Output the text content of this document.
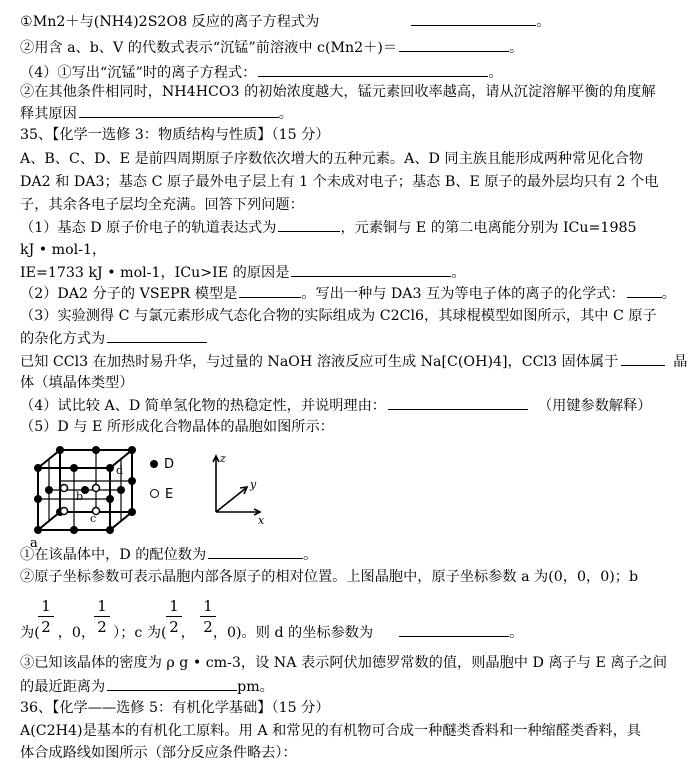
①Mn2＋与(NH4)2S2O8 反应的离子方程式为	。
②用含 a、b、V 的代数式表示“沉锰”前溶液中 c(Mn2＋)＝	。
（4）①写出“沉锰”时的离子方程式：	。
②在其他条件相同时，NH4HCO3 的初始浓度越大，锰元素回收率越高，请从沉淀溶解平衡的角度解
释其原因	。
35、【化学一选修 3：物质结构与性质】（15 分）
A、B、C、D、E 是前四周期原子序数依次增大的五种元素。A、D 同主族且能形成两种常见化合物
DA2 和 DA3；基态 C 原子最外电子层上有 1 个未成对电子；基态 B、E 原子的最外层均只有 2 个电
子，其余各电子层均全充满。回答下列问题：
（1）基态 D 原子价电子的轨道表达式为	，元素铜与 E 的第二电离能分别为 ICu=1985
kJ • mol-1，
IE=1733 kJ • mol-1，ICu>IE 的原因是	。
（2）DA2 分子的 VSEPR 模型是	。写出一种与 DA3 互为等电子体的离子的化学式：	。
（3）实验测得 C 与氯元素形成气态化合物的实际组成为 C2Cl6，其球棍模型如图所示，其中 C 原子
的杂化方式为
已知 CCl3 在加热时易升华，与过量的 NaOH 溶液反应可生成 Na[C(OH)4]，CCl3 固体属于	晶
体（填晶体类型）
（4）试比较 A、D 简单氢化物的热稳定性，并说明理由：	（用键参数解释）
（5）D 与 E 所形成化合物晶体的晶胞如图所示：
b
c
d
a
D
E
z
y
x
①在该晶体中，D 的配位数为	。
②原子坐标参数可表示晶胞内部各原子的相对位置。上图晶胞中，原子坐标参数 a 为(0，0，0)；b
1
2
1
2
1
2
1
2
为( ，0， ）；c 为( ， ，0)。则 d 的坐标参数为	。
③已知该晶体的密度为 ρ g • cm-3，设 NA 表示阿伏加德罗常数的值，则晶胞中 D 离子与 E 离子之间
的最近距离为	pm。
36、【化学——选修 5：有机化学基础】（15 分）
A(C2H4)是基本的有机化工原料。用 A 和常见的有机物可合成一种醚类香料和一种缩醛类香料，具
体合成路线如图所示（部分反应条件略去）：
